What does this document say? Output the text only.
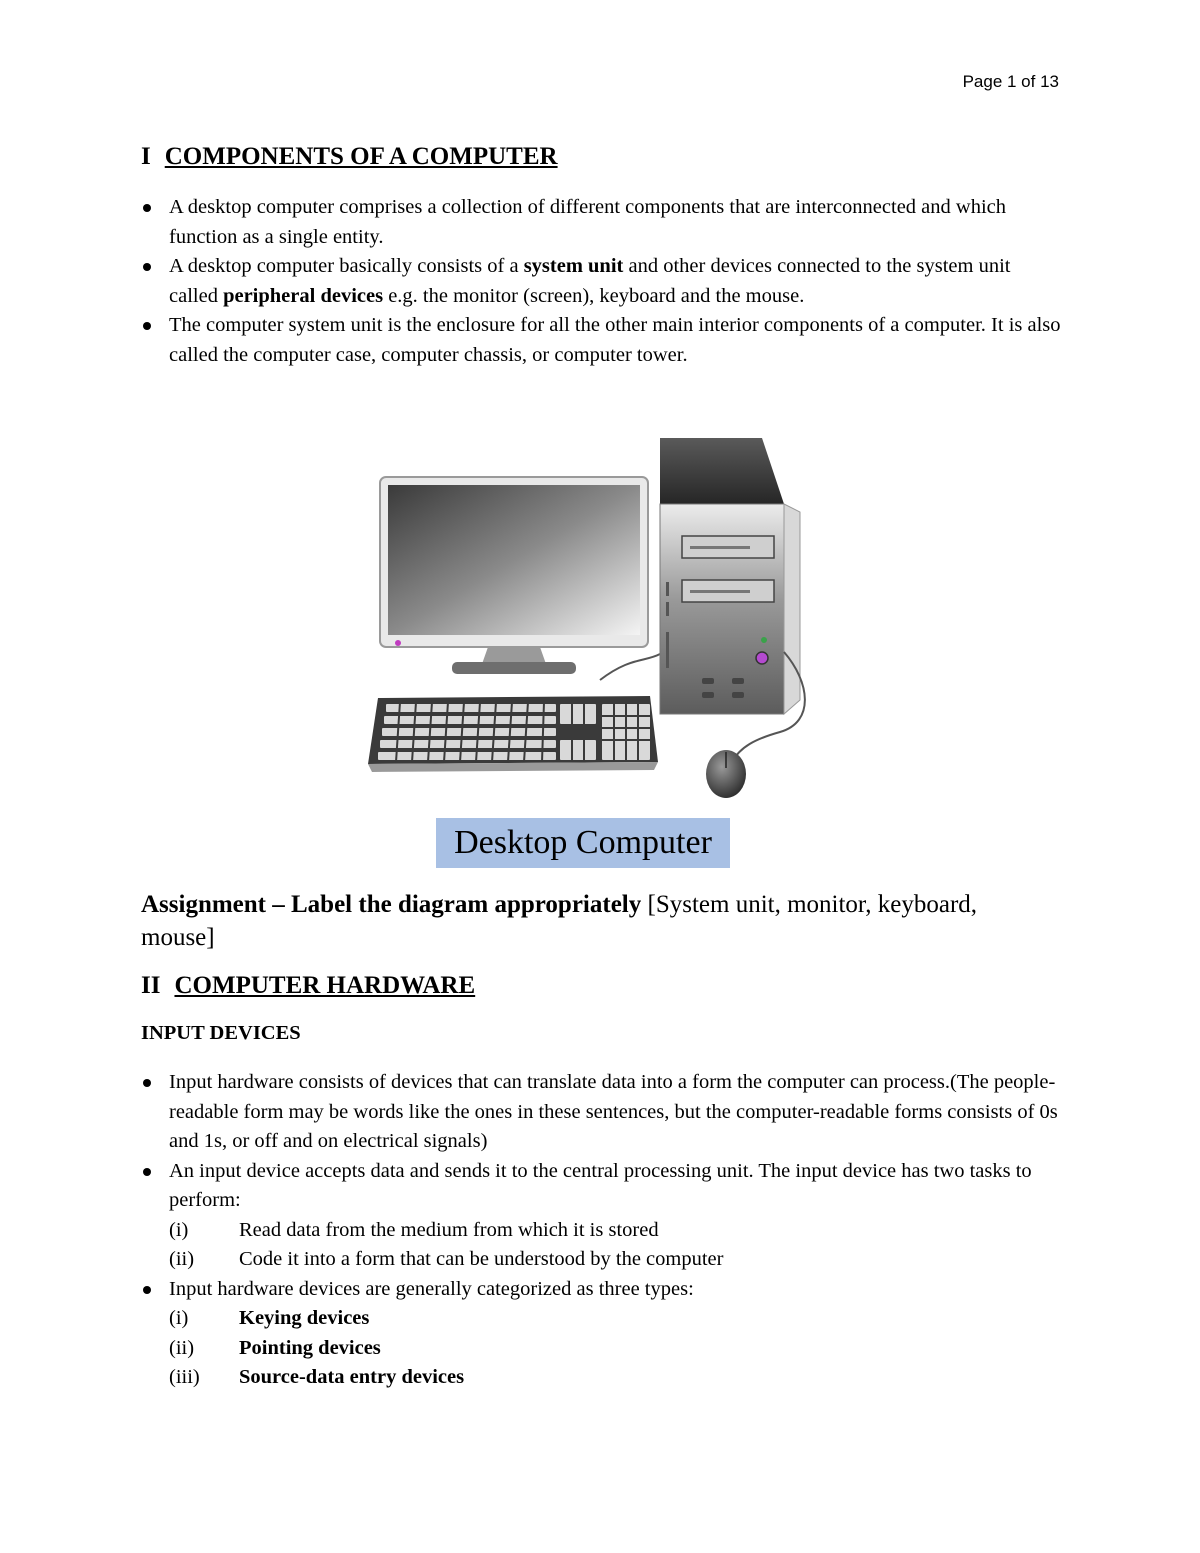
Page 1 of 13
I COMPONENTS OF A COMPUTER
A desktop computer comprises a collection of different components that are interconnected and which function as a single entity.
A desktop computer basically consists of a system unit and other devices connected to the system unit called peripheral devices e.g. the monitor (screen), keyboard and the mouse.
The computer system unit is the enclosure for all the other main interior components of a computer. It is also called the computer case, computer chassis, or computer tower.
Desktop Computer
Assignment – Label the diagram appropriately [System unit, monitor, keyboard, mouse]
II COMPUTER HARDWARE
INPUT DEVICES
Input hardware consists of devices that can translate data into a form the computer can process.(The people-readable form may be words like the ones in these sentences, but the computer-readable forms consists of 0s and 1s, or off and on electrical signals)
An input device accepts data and sends it to the central processing unit. The input device has two tasks to perform:
(i)	Read data from the medium from which it is stored
(ii)	Code it into a form that can be understood by the computer
Input hardware devices are generally categorized as three types:
(i)	Keying devices
(ii)	Pointing devices
(iii)	Source-data entry devices
